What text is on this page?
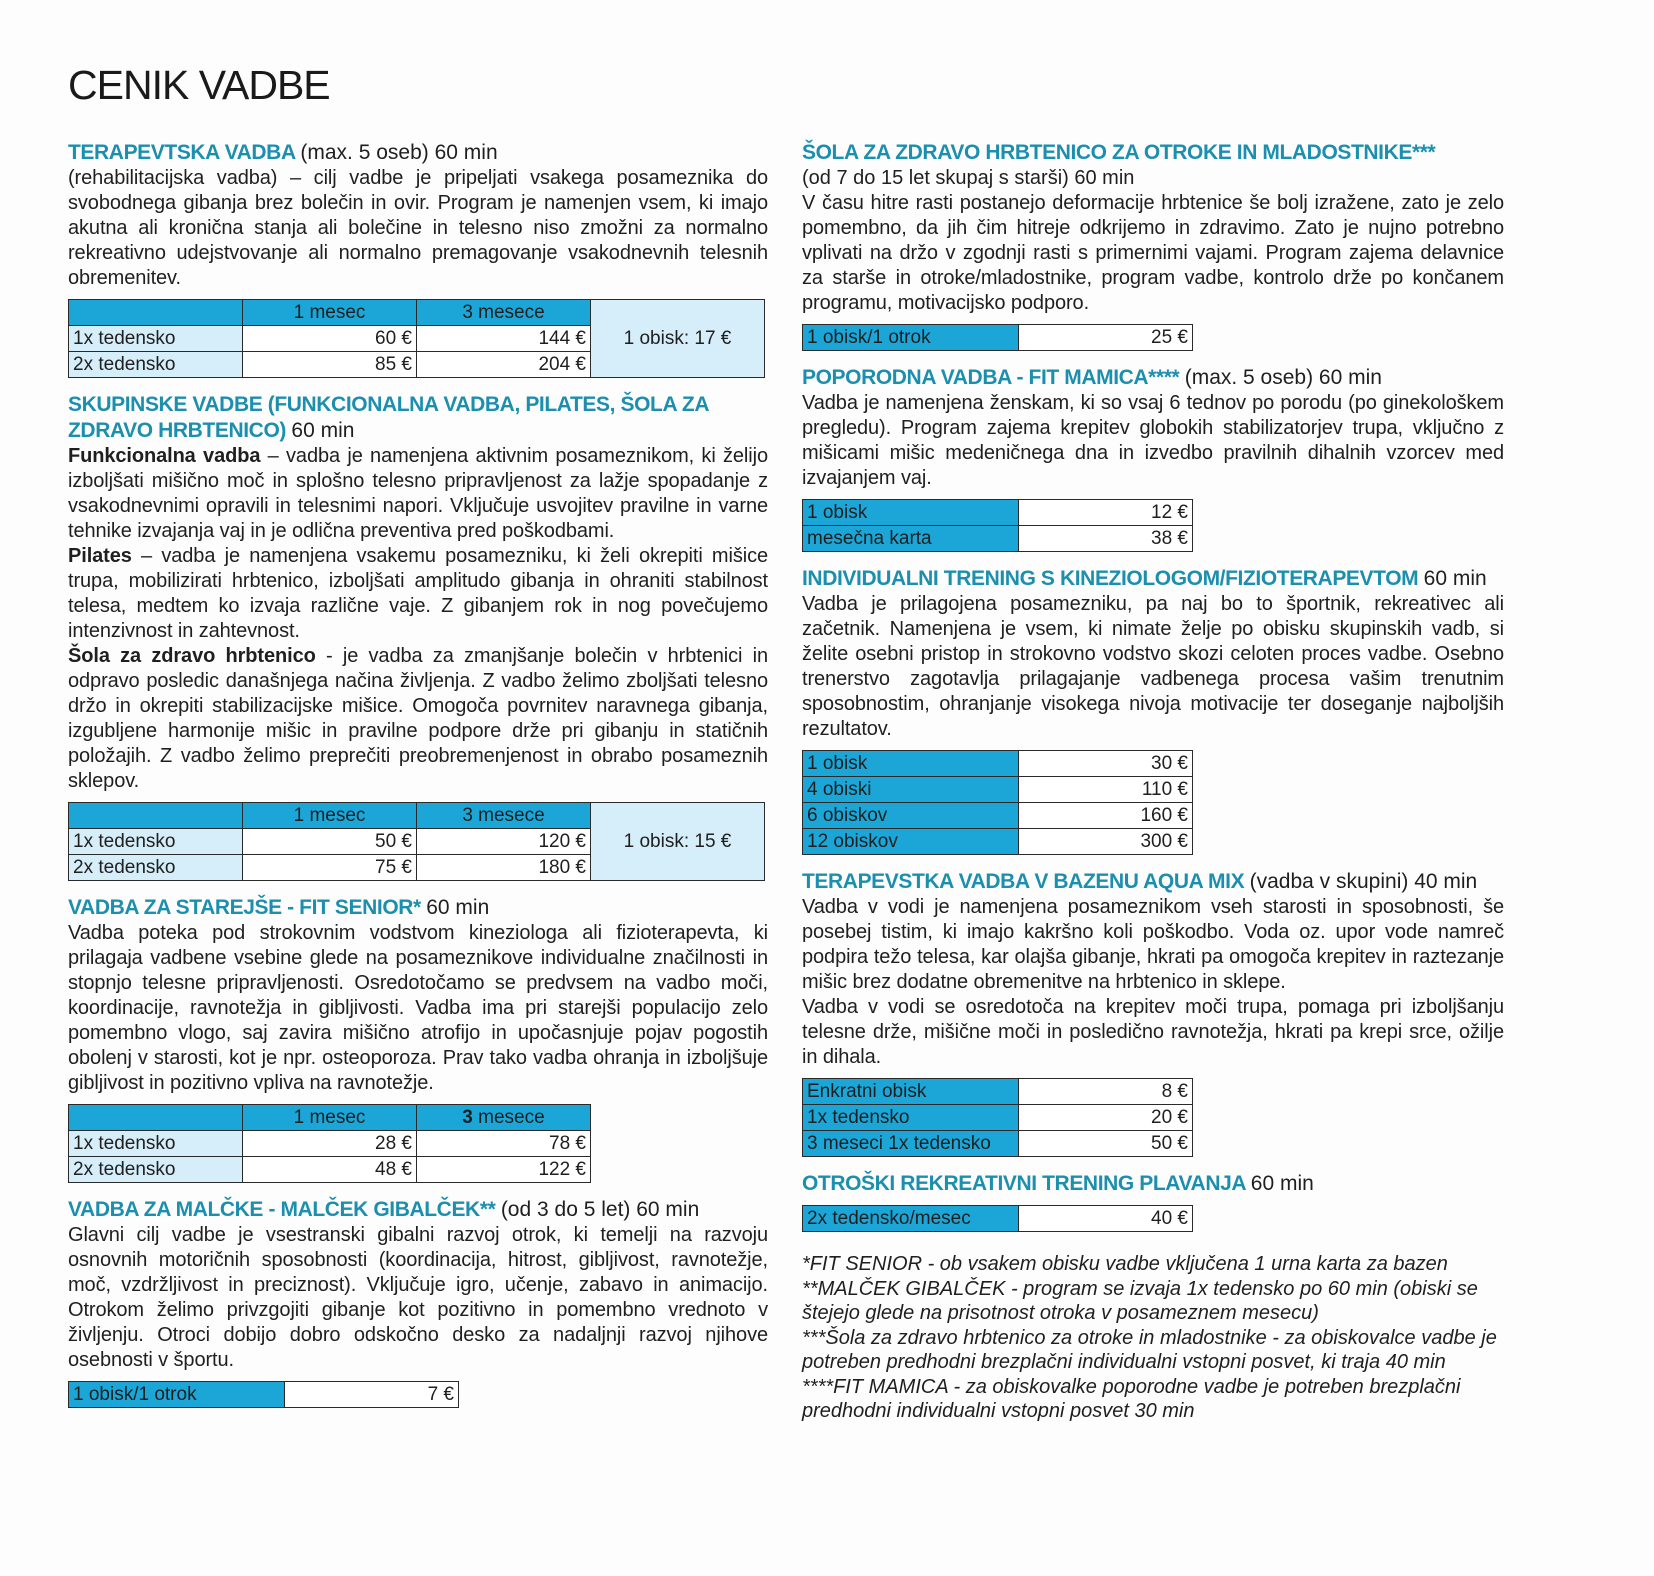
CENIK VADBE
TERAPEVTSKA VADBA (max. 5 oseb) 60 min

(rehabilitacijska vadba) – cilj vadbe je pripeljati vsakega posameznika do svobodnega gibanja brez bolečin in ovir. Program je namenjen vsem, ki imajo akutna ali kronična stanja ali bolečine in telesno niso zmožni za normalno rekreativno udejstvovanje ali normalno premagovanje vsakodnevnih telesnih obremenitev.

	1 mesec	3 mesece	1 obisk: 17 €
1x tedensko	60 €	144 €	
2x tedensko	85 €	204 €	
SKUPINSKE VADBE (FUNKCIONALNA VADBA, PILATES, ŠOLA ZA ZDRAVO HRBTENICO) 60 min

Funkcionalna vadba – vadba je namenjena aktivnim posameznikom, ki želijo izboljšati mišično moč in splošno telesno pripravljenost za lažje spopadanje z vsakodnevnimi opravili in telesnimi napori. Vključuje usvojitev pravilne in varne tehnike izvajanja vaj in je odlična preventiva pred poškodbami.

Pilates – vadba je namenjena vsakemu posamezniku, ki želi okrepiti mišice trupa, mobilizirati hrbtenico, izboljšati amplitudo gibanja in ohraniti stabilnost telesa, medtem ko izvaja različne vaje. Z gibanjem rok in nog povečujemo intenzivnost in zahtevnost.

Šola za zdravo hrbtenico - je vadba za zmanjšanje bolečin v hrbtenici in odpravo posledic današnjega načina življenja. Z vadbo želimo zboljšati telesno držo in okrepiti stabilizacijske mišice. Omogoča povrnitev naravnega gibanja, izgubljene harmonije mišic in pravilne podpore drže pri gibanju in statičnih položajih. Z vadbo želimo preprečiti preobremenjenost in obrabo posameznih sklepov.

	1 mesec	3 mesece	1 obisk: 15 €
1x tedensko	50 €	120 €	
2x tedensko	75 €	180 €	
VADBA ZA STAREJŠE - FIT SENIOR* 60 min

Vadba poteka pod strokovnim vodstvom kineziologa ali fizioterapevta, ki prilagaja vadbene vsebine glede na posameznikove individualne značilnosti in stopnjo telesne pripravljenosti. Osredotočamo se predvsem na vadbo moči, koordinacije, ravnotežja in gibljivosti. Vadba ima pri starejši populacijo zelo pomembno vlogo, saj zavira mišično atrofijo in upočasnjuje pojav pogostih obolenj v starosti, kot je npr. osteoporoza. Prav tako vadba ohranja in izboljšuje gibljivost in pozitivno vpliva na ravnotežje.

	1 mesec	3 mesece
1x tedensko	28 €	78 €
2x tedensko	48 €	122 €
VADBA ZA MALČKE - MALČEK GIBALČEK** (od 3 do 5 let) 60 min

Glavni cilj vadbe je vsestranski gibalni razvoj otrok, ki temelji na razvoju osnovnih motoričnih sposobnosti (koordinacija, hitrost, gibljivost, ravnotežje, moč, vzdržljivost in preciznost). Vključuje igro, učenje, zabavo in animacijo. Otrokom želimo privzgojiti gibanje kot pozitivno in pomembno vrednoto v življenju. Otroci dobijo dobro odskočno desko za nadaljnji razvoj njihove osebnosti v športu.

1 obisk/1 otrok	7 €
ŠOLA ZA ZDRAVO HRBTENICO ZA OTROKE IN MLADOSTNIKE***
(od 7 do 15 let skupaj s starši) 60 min

V času hitre rasti postanejo deformacije hrbtenice še bolj izražene, zato je zelo pomembno, da jih čim hitreje odkrijemo in zdravimo. Zato je nujno potrebno vplivati na držo v zgodnji rasti s primernimi vajami. Program zajema delavnice za starše in otroke/mladostnike, program vadbe, kontrolo drže po končanem programu, motivacijsko podporo.

1 obisk/1 otrok	25 €
POPORODNA VADBA - FIT MAMICA**** (max. 5 oseb) 60 min

Vadba je namenjena ženskam, ki so vsaj 6 tednov po porodu (po ginekološkem pregledu). Program zajema krepitev globokih stabilizatorjev trupa, vključno z mišicami mišic medeničnega dna in izvedbo pravilnih dihalnih vzorcev med izvajanjem vaj.

1 obisk	12 €
mesečna karta	38 €
INDIVIDUALNI TRENING S KINEZIOLOGOM/FIZIOTERAPEVTOM 60 min

Vadba je prilagojena posamezniku, pa naj bo to športnik, rekreativec ali začetnik. Namenjena je vsem, ki nimate želje po obisku skupinskih vadb, si želite osebni pristop in strokovno vodstvo skozi celoten proces vadbe. Osebno trenerstvo zagotavlja prilagajanje vadbenega procesa vašim trenutnim sposobnostim, ohranjanje visokega nivoja motivacije ter doseganje najboljših rezultatov.

1 obisk	30 €
4 obiski	110 €
6 obiskov	160 €
12 obiskov	300 €
TERAPEVSTKA VADBA V BAZENU AQUA MIX (vadba v skupini) 40 min

Vadba v vodi je namenjena posameznikom vseh starosti in sposobnosti, še posebej tistim, ki imajo kakršno koli poškodbo. Voda oz. upor vode namreč podpira težo telesa, kar olajša gibanje, hkrati pa omogoča krepitev in raztezanje mišic brez dodatne obremenitve na hrbtenico in sklepe.

Vadba v vodi se osredotoča na krepitev moči trupa, pomaga pri izboljšanju telesne drže, mišične moči in posledično ravnotežja, hkrati pa krepi srce, ožilje in dihala.

Enkratni obisk	8 €
1x tedensko	20 €
3 meseci 1x tedensko	50 €
OTROŠKI REKREATIVNI TRENING PLAVANJA 60 min
2x tedensko/mesec	40 €

*FIT SENIOR - ob vsakem obisku vadbe vključena 1 urna karta za bazen

**MALČEK GIBALČEK - program se izvaja 1x tedensko po 60 min (obiski se štejejo glede na prisotnost otroka v posameznem mesecu)

***Šola za zdravo hrbtenico za otroke in mladostnike - za obiskovalce vadbe je potreben predhodni brezplačni individualni vstopni posvet, ki traja 40 min

****FIT MAMICA - za obiskovalke poporodne vadbe je potreben brezplačni predhodni individualni vstopni posvet 30 min
